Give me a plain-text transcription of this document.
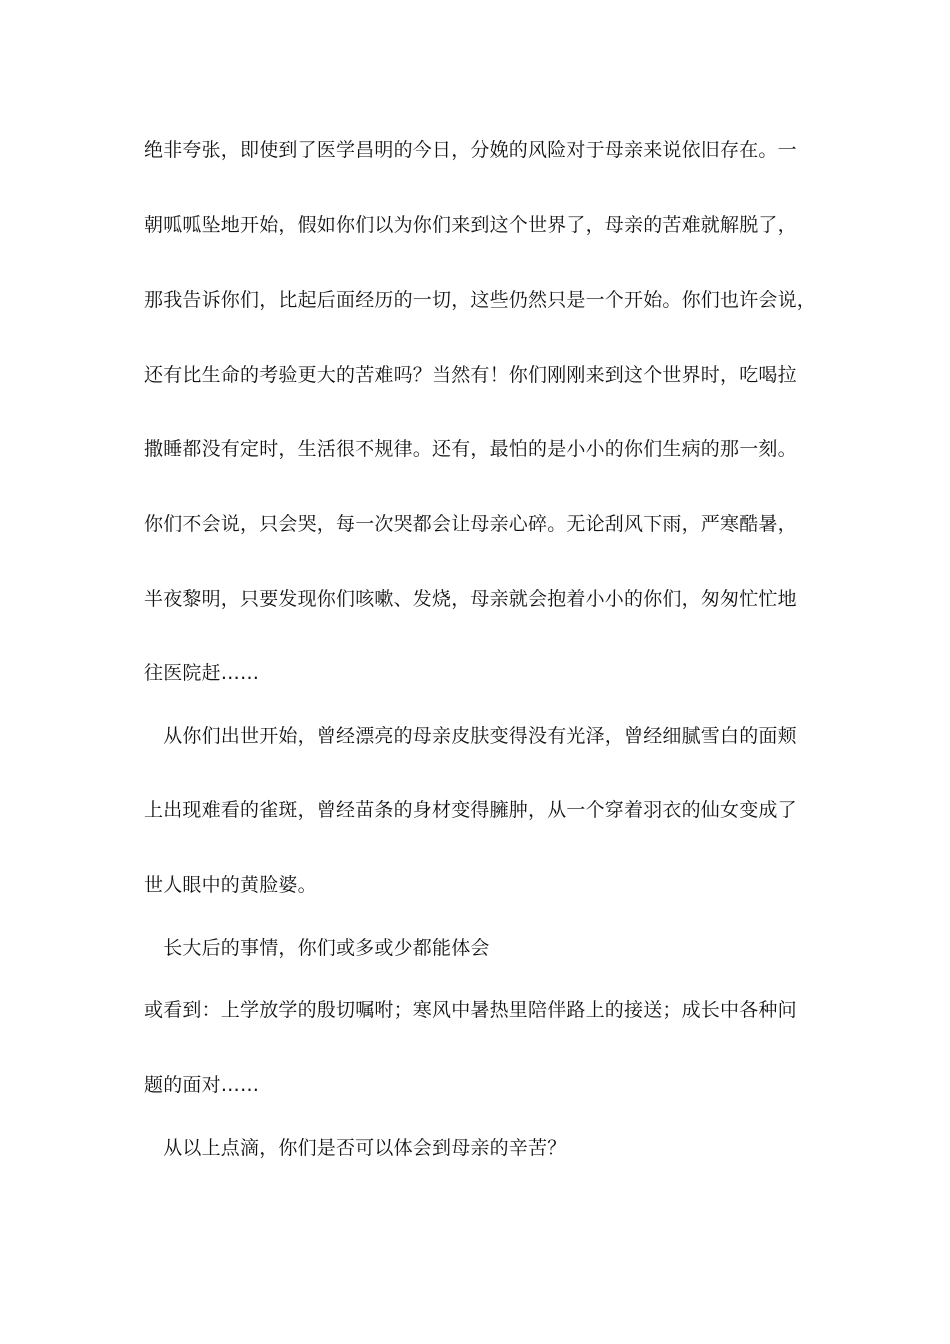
绝非夸张，即使到了医学昌明的今日，分娩的风险对于母亲来说依旧存在。一
朝呱呱坠地开始，假如你们以为你们来到这个世界了，母亲的苦难就解脱了，
那我告诉你们，比起后面经历的一切，这些仍然只是一个开始。你们也许会说，
还有比生命的考验更大的苦难吗？当然有！你们刚刚来到这个世界时，吃喝拉
撒睡都没有定时，生活很不规律。还有，最怕的是小小的你们生病的那一刻。
你们不会说，只会哭，每一次哭都会让母亲心碎。无论刮风下雨，严寒酷暑，
半夜黎明，只要发现你们咳嗽、发烧，母亲就会抱着小小的你们，匆匆忙忙地
往医院赶……
　从你们出世开始，曾经漂亮的母亲皮肤变得没有光泽，曾经细腻雪白的面颊
上出现难看的雀斑，曾经苗条的身材变得臃肿，从一个穿着羽衣的仙女变成了
世人眼中的黄脸婆。
　长大后的事情，你们或多或少都能体会
或看到：上学放学的殷切嘱咐；寒风中暑热里陪伴路上的接送；成长中各种问
题的面对……
　从以上点滴，你们是否可以体会到母亲的辛苦？
